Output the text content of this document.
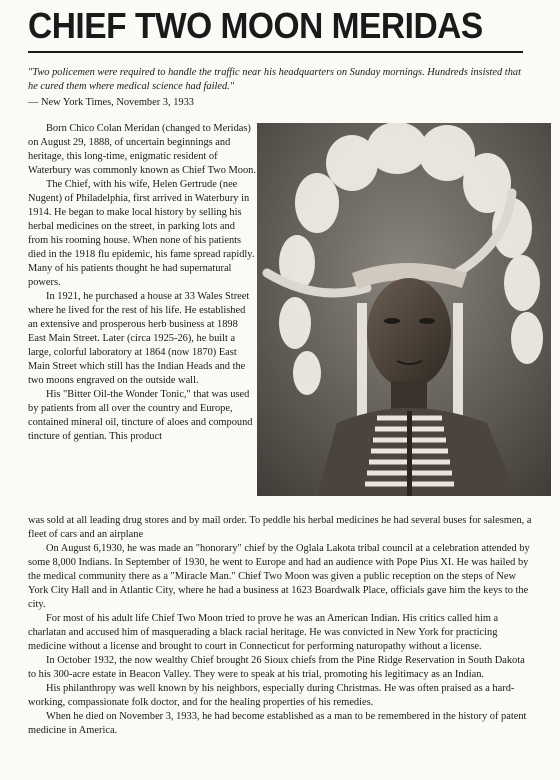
CHIEF TWO MOON MERIDAS
"Two policemen were required to handle the traffic near his headquarters on Sunday mornings. Hundreds insisted that he cured them where medical science had failed."
— New York Times, November 3, 1933

Born Chico Colan Meridan (changed to Meridas) on August 29, 1888, of uncertain beginnings and heritage, this long-time, enigmatic resident of Waterbury was commonly known as Chief Two Moon.

The Chief, with his wife, Helen Gertrude (nee Nugent) of Philadelphia, first arrived in Waterbury in 1914. He began to make local history by selling his herbal medicines on the street, in parking lots and from his rooming house. When none of his patients died in the 1918 flu epidemic, his fame spread rapidly. Many of his patients thought he had supernatural powers.

In 1921, he purchased a house at 33 Wales Street where he lived for the rest of his life. He established an extensive and prosperous herb business at 1898 East Main Street. Later (circa 1925-26), he built a large, colorful laboratory at 1864 (now 1870) East Main Street which still has the Indian Heads and the two moons engraved on the outside wall.

His "Bitter Oil-the Wonder Tonic," that was used by patients from all over the country and Europe, contained mineral oil, tincture of aloes and compound tincture of gentian. This product

was sold at all leading drug stores and by mail order. To peddle his herbal medicines he had several buses for salesmen, a fleet of cars and an airplane

On August 6,1930, he was made an "honorary" chief by the Oglala Lakota tribal council at a celebration attended by some 8,000 Indians. In September of 1930, he went to Europe and had an audience with Pope Pius XI. He was hailed by the medical community there as a "Miracle Man." Chief Two Moon was given a public reception on the steps of New York City Hall and in Atlantic City, where he had a business at 1623 Boardwalk Place, officials gave him the keys to the city.

For most of his adult life Chief Two Moon tried to prove he was an American Indian. His critics called him a charlatan and accused him of masquerading a black racial heritage. He was convicted in New York for practicing medicine without a license and brought to court in Connecticut for performing naturopathy without a license.

In October 1932, the now wealthy Chief brought 26 Sioux chiefs from the Pine Ridge Reservation in South Dakota to his 300-acre estate in Beacon Valley. They were to speak at his trial, promoting his legitimacy as an Indian.

His philanthropy was well known by his neighbors, especially during Christmas. He was often praised as a hard-working, compassionate folk doctor, and for the healing properties of his remedies.

When he died on November 3, 1933, he had become established as a man to be remembered in the history of patent medicine in America.
